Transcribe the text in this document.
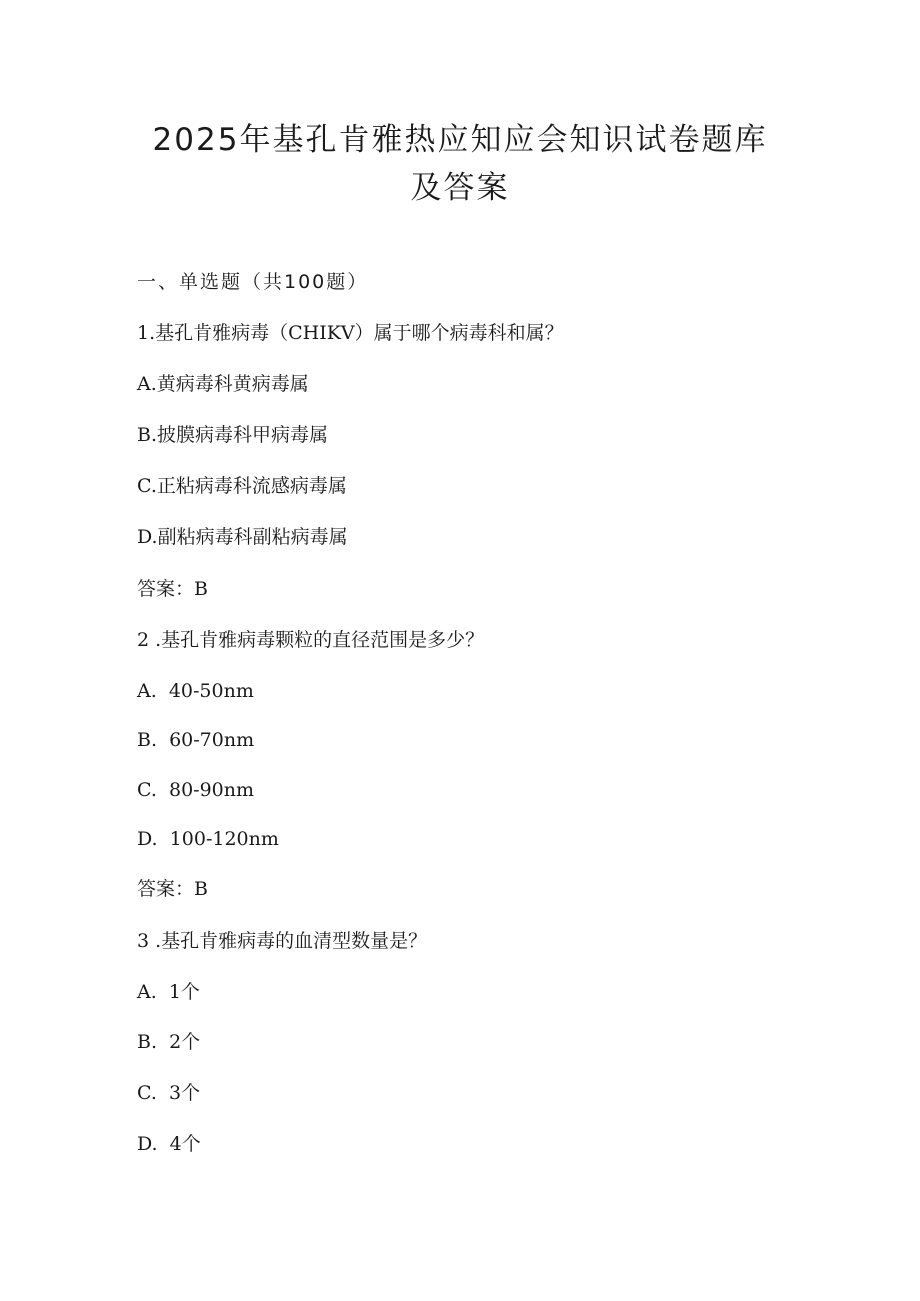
2025年基孔肯雅热应知应会知识试卷题库
及答案
一、单选题（共100题）
1.基孔肯雅病毒（CHIKV）属于哪个病毒科和属？
A.黄病毒科黄病毒属
B.披膜病毒科甲病毒属
C.正粘病毒科流感病毒属
D.副粘病毒科副粘病毒属
答案：B
2 .基孔肯雅病毒颗粒的直径范围是多少？
A.  40-50nm
B.  60-70nm
C.  80-90nm
D.  100-120nm
答案：B
3 .基孔肯雅病毒的血清型数量是？
A.  1个
B.  2个
C.  3个
D.  4个
